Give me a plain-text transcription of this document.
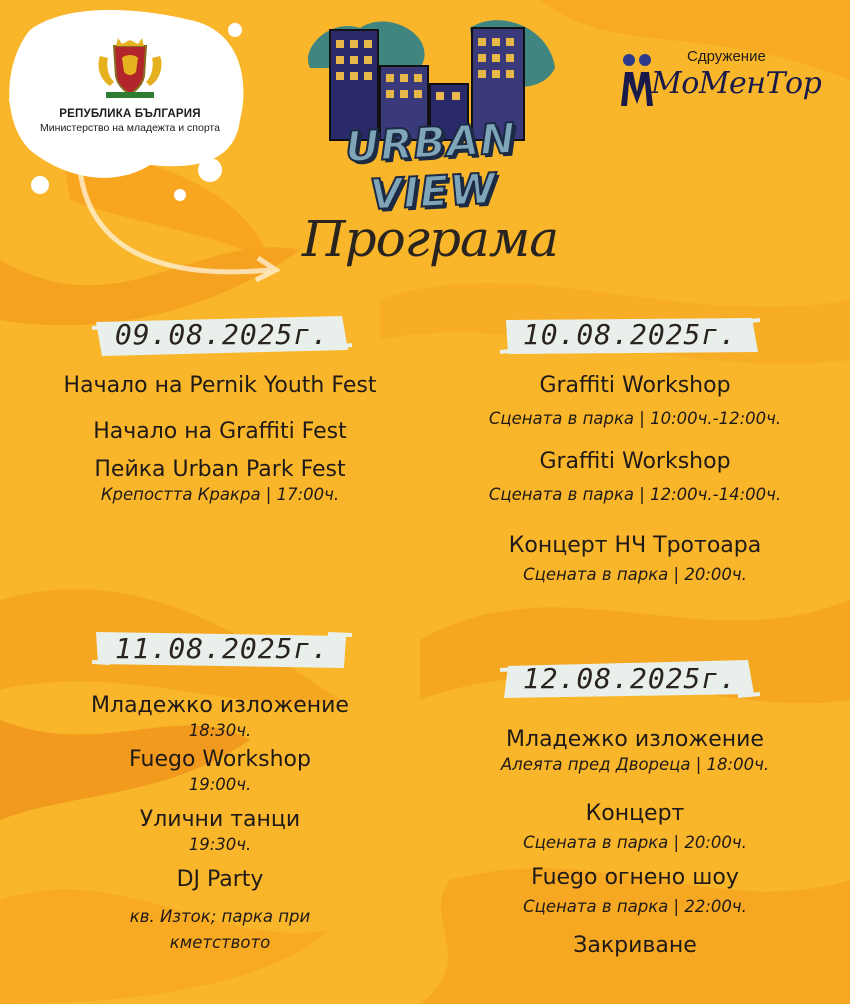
РЕПУБЛИКА БЪЛГАРИЯ
Министерство на младежта и спорта	URBAN VIEW
Сдружение
МоМенТор
Програма
09.08.2025г.
Начало на Pernik Youth Fest
Начало на Graffiti Fest
Пейка Urban Park Fest
Крепостта Кракра | 17:00ч.
10.08.2025г.
Graffiti Workshop
Сцената в парка | 10:00ч.-12:00ч.
Graffiti Workshop
Сцената в парка | 12:00ч.-14:00ч.
Концерт НЧ Тротоара
Сцената в парка | 20:00ч.
11.08.2025г.
Младежко изложение
18:30ч.
Fuego Workshop
19:00ч.
Улични танци
19:30ч.
DJ Party
кв. Изток; парка при кметството
12.08.2025г.
Младежко изложение
Алеята пред Двореца | 18:00ч.
Концерт
Сцената в парка | 20:00ч.
Fuego огнено шоу
Сцената в парка | 22:00ч.
Закриване
